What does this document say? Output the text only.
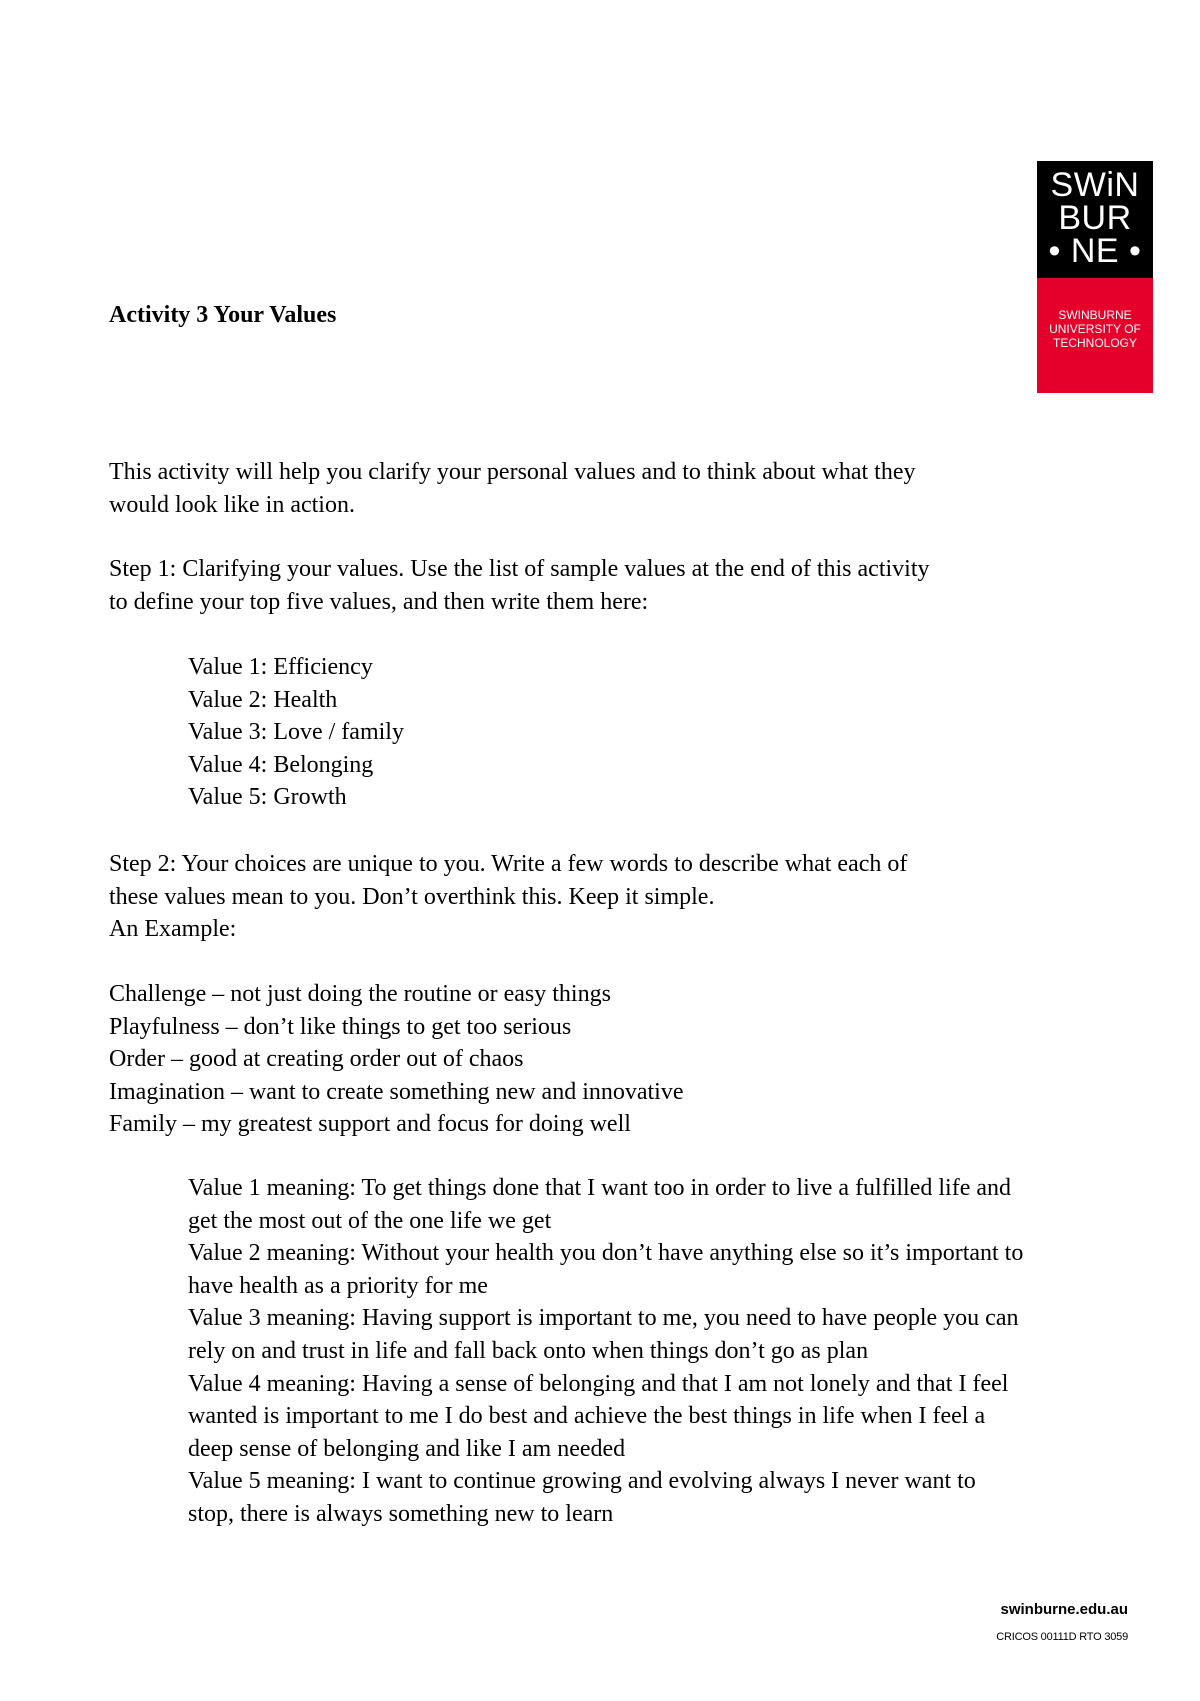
SWiN
BUR
• NE •
SWINBURNE
UNIVERSITY OF
TECHNOLOGY
Activity 3 Your Values
This activity will help you clarify your personal values and to think about what they
would look like in action.
Step 1: Clarifying your values. Use the list of sample values at the end of this activity
to define your top five values, and then write them here:
Value 1: Efficiency
Value 2: Health
Value 3: Love / family
Value 4: Belonging
Value 5: Growth
Step 2: Your choices are unique to you. Write a few words to describe what each of
these values mean to you. Don’t overthink this. Keep it simple.
An Example:
Challenge – not just doing the routine or easy things
Playfulness – don’t like things to get too serious
Order – good at creating order out of chaos
Imagination – want to create something new and innovative
Family – my greatest support and focus for doing well
Value 1 meaning: To get things done that I want too in order to live a fulfilled life and
get the most out of the one life we get
Value 2 meaning: Without your health you don’t have anything else so it’s important to
have health as a priority for me
Value 3 meaning: Having support is important to me, you need to have people you can
rely on and trust in life and fall back onto when things don’t go as plan
Value 4 meaning: Having a sense of belonging and that I am not lonely and that I feel
wanted is important to me I do best and achieve the best things in life when I feel a
deep sense of belonging and like I am needed
Value 5 meaning: I want to continue growing and evolving always I never want to
stop, there is always something new to learn
swinburne.edu.au
CRICOS 00111D RTO 3059
